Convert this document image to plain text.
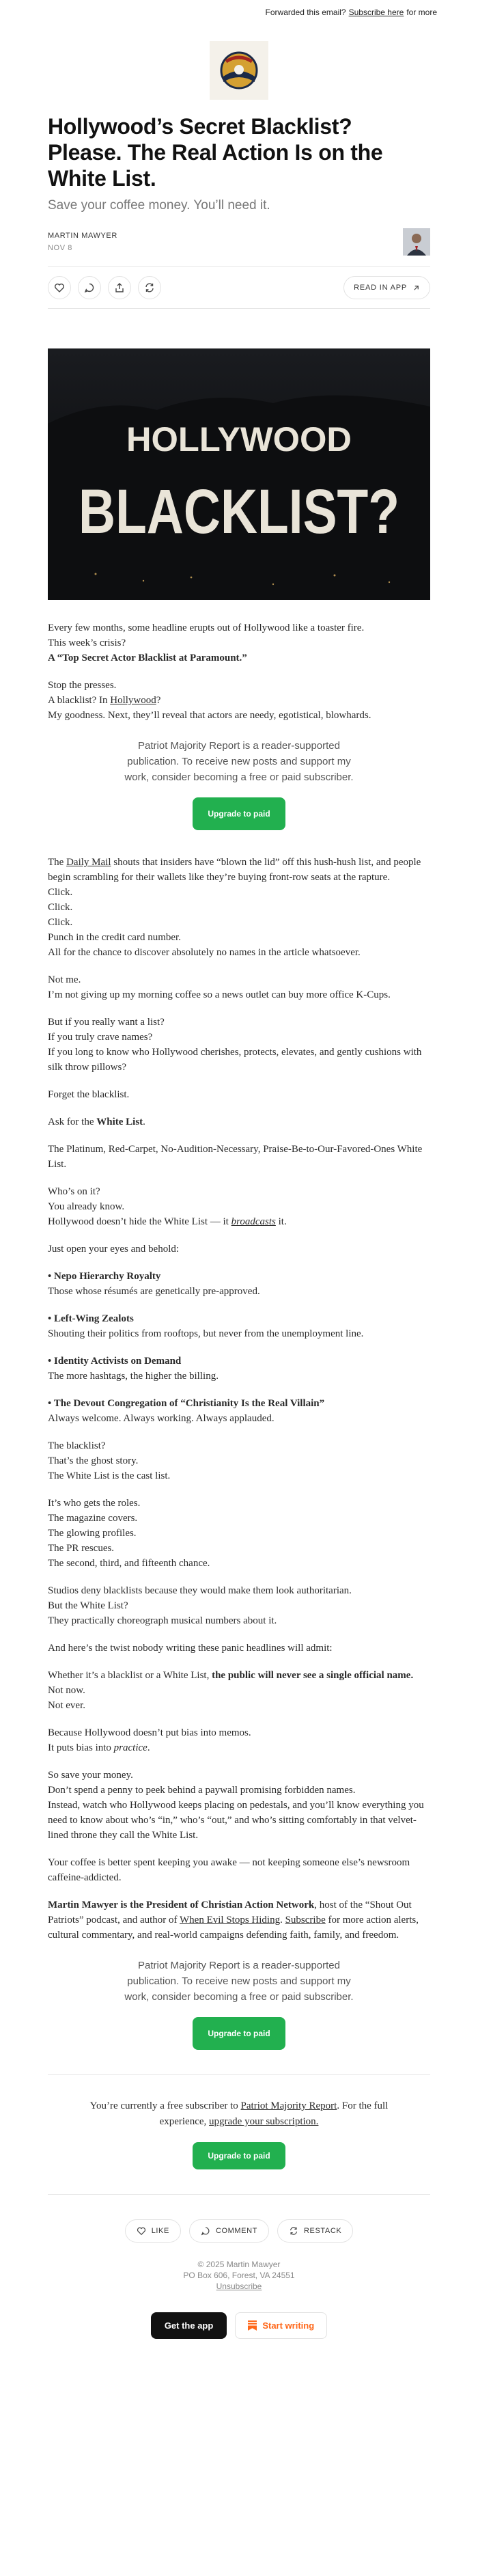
Forwarded this email? Subscribe here for more
Hollywood’s Secret Blacklist? Please. The Real Action Is on the White List.
Save your coffee money. You’ll need it.
MARTIN MAWYER
NOV 8
READ IN APP
HOLLYWOOD
BLACKLIST?

Every few months, some headline erupts out of Hollywood like a toaster fire.
This week’s crisis?
A “Top Secret Actor Blacklist at Paramount.”

Stop the presses.
A blacklist? In Hollywood?
My goodness. Next, they’ll reveal that actors are needy, egotistical, blowhards.

Patriot Majority Report is a reader-supported publication. To receive new posts and support my work, consider becoming a free or paid subscriber.
Upgrade to paid

The Daily Mail shouts that insiders have “blown the lid” off this hush-hush list, and people begin scrambling for their wallets like they’re buying front-row seats at the rapture.
Click.
Click.
Click.
Punch in the credit card number.
All for the chance to discover absolutely no names in the article whatsoever.

Not me.
I’m not giving up my morning coffee so a news outlet can buy more office K-Cups.

But if you really want a list?
If you truly crave names?
If you long to know who Hollywood cherishes, protects, elevates, and gently cushions with silk throw pillows?

Forget the blacklist.

Ask for the White List.

The Platinum, Red-Carpet, No-Audition-Necessary, Praise-Be-to-Our-Favored-Ones White List.

Who’s on it?
You already know.
Hollywood doesn’t hide the White List — it broadcasts it.

Just open your eyes and behold:

• Nepo Hierarchy Royalty
Those whose résumés are genetically pre-approved.

• Left-Wing Zealots
Shouting their politics from rooftops, but never from the unemployment line.

• Identity Activists on Demand
The more hashtags, the higher the billing.

• The Devout Congregation of “Christianity Is the Real Villain”
Always welcome. Always working. Always applauded.

The blacklist?
That’s the ghost story.
The White List is the cast list.

It’s who gets the roles.
The magazine covers.
The glowing profiles.
The PR rescues.
The second, third, and fifteenth chance.

Studios deny blacklists because they would make them look authoritarian.
But the White List?
They practically choreograph musical numbers about it.

And here’s the twist nobody writing these panic headlines will admit:

Whether it’s a blacklist or a White List, the public will never see a single official name.
Not now.
Not ever.

Because Hollywood doesn’t put bias into memos.
It puts bias into practice.

So save your money.
Don’t spend a penny to peek behind a paywall promising forbidden names.
Instead, watch who Hollywood keeps placing on pedestals, and you’ll know everything you need to know about who’s “in,” who’s “out,” and who’s sitting comfortably in that velvet-lined throne they call the White List.

Your coffee is better spent keeping you awake — not keeping someone else’s newsroom caffeine-addicted.

Martin Mawyer is the President of Christian Action Network, host of the “Shout Out Patriots” podcast, and author of When Evil Stops Hiding. Subscribe for more action alerts, cultural commentary, and real-world campaigns defending faith, family, and freedom.

Patriot Majority Report is a reader-supported publication. To receive new posts and support my work, consider becoming a free or paid subscriber.
Upgrade to paid
You’re currently a free subscriber to Patriot Majority Report. For the full experience, upgrade your subscription.
Upgrade to paid
LIKE	COMMENT	RESTACK
© 2025 Martin Mawyer
PO Box 606, Forest, VA 24551
Unsubscribe
Get the app	Start writing
